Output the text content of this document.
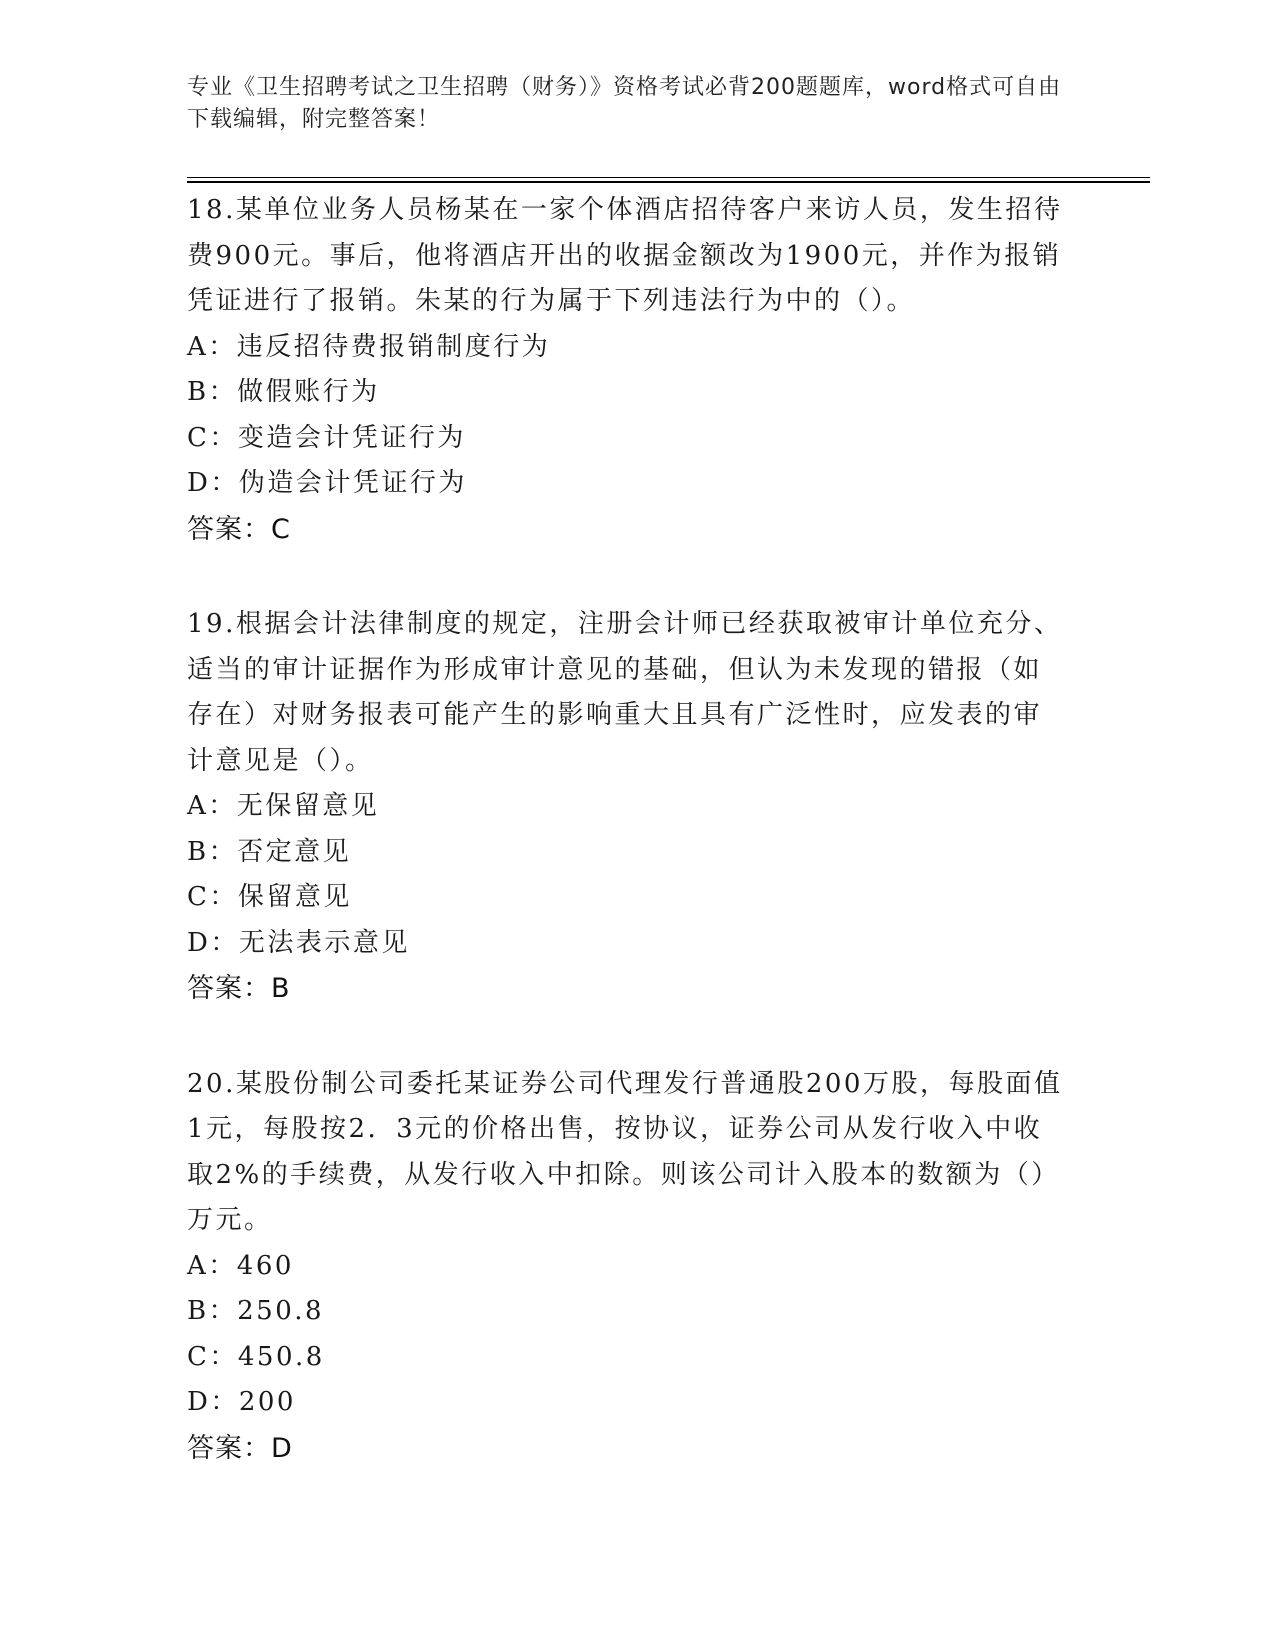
专业《卫生招聘考试之卫生招聘（财务）》资格考试必背200题题库，word格式可自由下载编辑，附完整答案！

18.某单位业务人员杨某在一家个体酒店招待客户来访人员，发生招待费900元。事后，他将酒店开出的收据金额改为1900元，并作为报销凭证进行了报销。朱某的行为属于下列违法行为中的（）。

A：违反招待费报销制度行为
B：做假账行为
C：变造会计凭证行为
D：伪造会计凭证行为
答案：C

19.根据会计法律制度的规定，注册会计师已经获取被审计单位充分、适当的审计证据作为形成审计意见的基础，但认为未发现的错报（如存在）对财务报表可能产生的影响重大且具有广泛性时，应发表的审计意见是（）。

A：无保留意见
B：否定意见
C：保留意见
D：无法表示意见
答案：B

20.某股份制公司委托某证券公司代理发行普通股200万股，每股面值1元，每股按2．3元的价格出售，按协议，证券公司从发行收入中收取2%的手续费，从发行收入中扣除。则该公司计入股本的数额为（）万元。

A：460
B：250.8
C：450.8
D：200
答案：D
